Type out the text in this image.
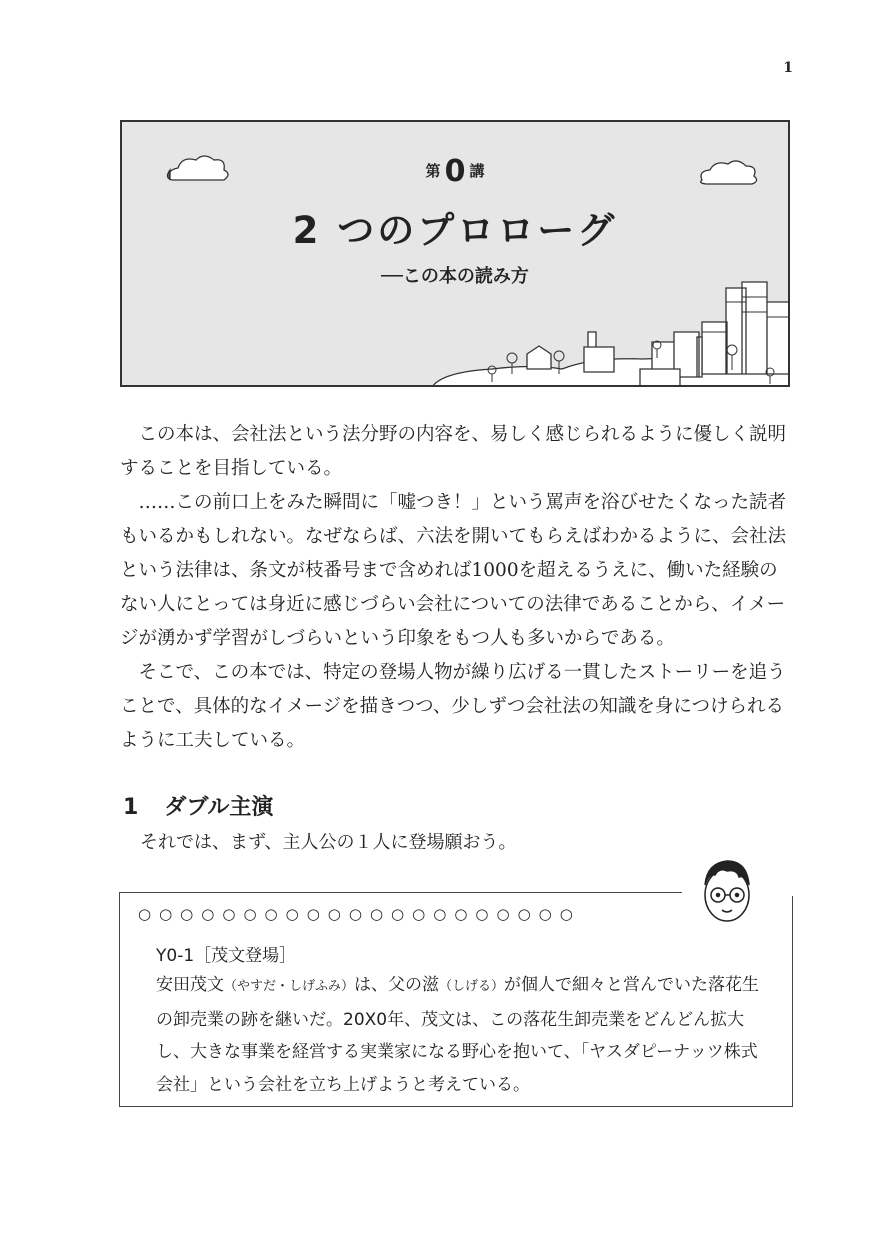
1
第 0 講
2 つのプロローグ
──この本の読み方

この本は、会社法という法分野の内容を、易しく感じられるように優しく説明することを目指している。

……この前口上をみた瞬間に「嘘つき！」という罵声を浴びせたくなった読者もいるかもしれない。なぜならば、六法を開いてもらえばわかるように、会社法という法律は、条文が枝番号まで含めれば1000を超えるうえに、働いた経験のない人にとっては身近に感じづらい会社についての法律であることから、イメージが湧かず学習がしづらいという印象をもつ人も多いからである。

そこで、この本では、特定の登場人物が繰り広げる一貫したストーリーを追うことで、具体的なイメージを描きつつ、少しずつ会社法の知識を身につけられるように工夫している。

1 ダブル主演
それでは、まず、主人公の１人に登場願おう。
○○○○○○○○○○○○○○○○○○○○○
Y0-1［茂文登場］
安田茂文（やすだ・しげふみ）は、父の滋（しげる）が個人で細々と営んでいた落花生の卸売業の跡を継いだ。20X0年、茂文は、この落花生卸売業をどんどん拡大し、大きな事業を経営する実業家になる野心を抱いて、「ヤスダピーナッツ株式会社」という会社を立ち上げようと考えている。
